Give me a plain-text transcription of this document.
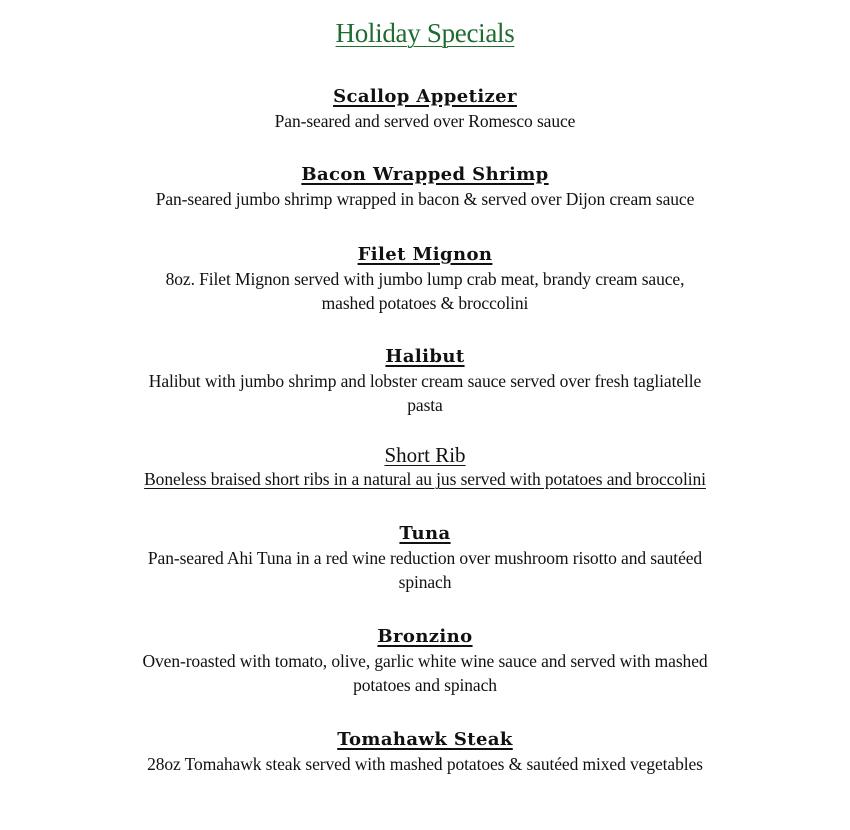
Holiday Specials
Scallop Appetizer
Pan-seared and served over Romesco sauce
Bacon Wrapped Shrimp
Pan-seared jumbo shrimp wrapped in bacon & served over Dijon cream sauce
Filet Mignon
8oz. Filet Mignon served with jumbo lump crab meat, brandy cream sauce,
mashed potatoes & broccolini
Halibut
Halibut with jumbo shrimp and lobster cream sauce served over fresh tagliatelle
pasta
Short Rib
Boneless braised short ribs in a natural au jus served with potatoes and broccolini
Tuna
Pan-seared Ahi Tuna in a red wine reduction over mushroom risotto and sautéed
spinach
Bronzino
Oven-roasted with tomato, olive, garlic white wine sauce and served with mashed
potatoes and spinach
Tomahawk Steak
28oz Tomahawk steak served with mashed potatoes & sautéed mixed vegetables
